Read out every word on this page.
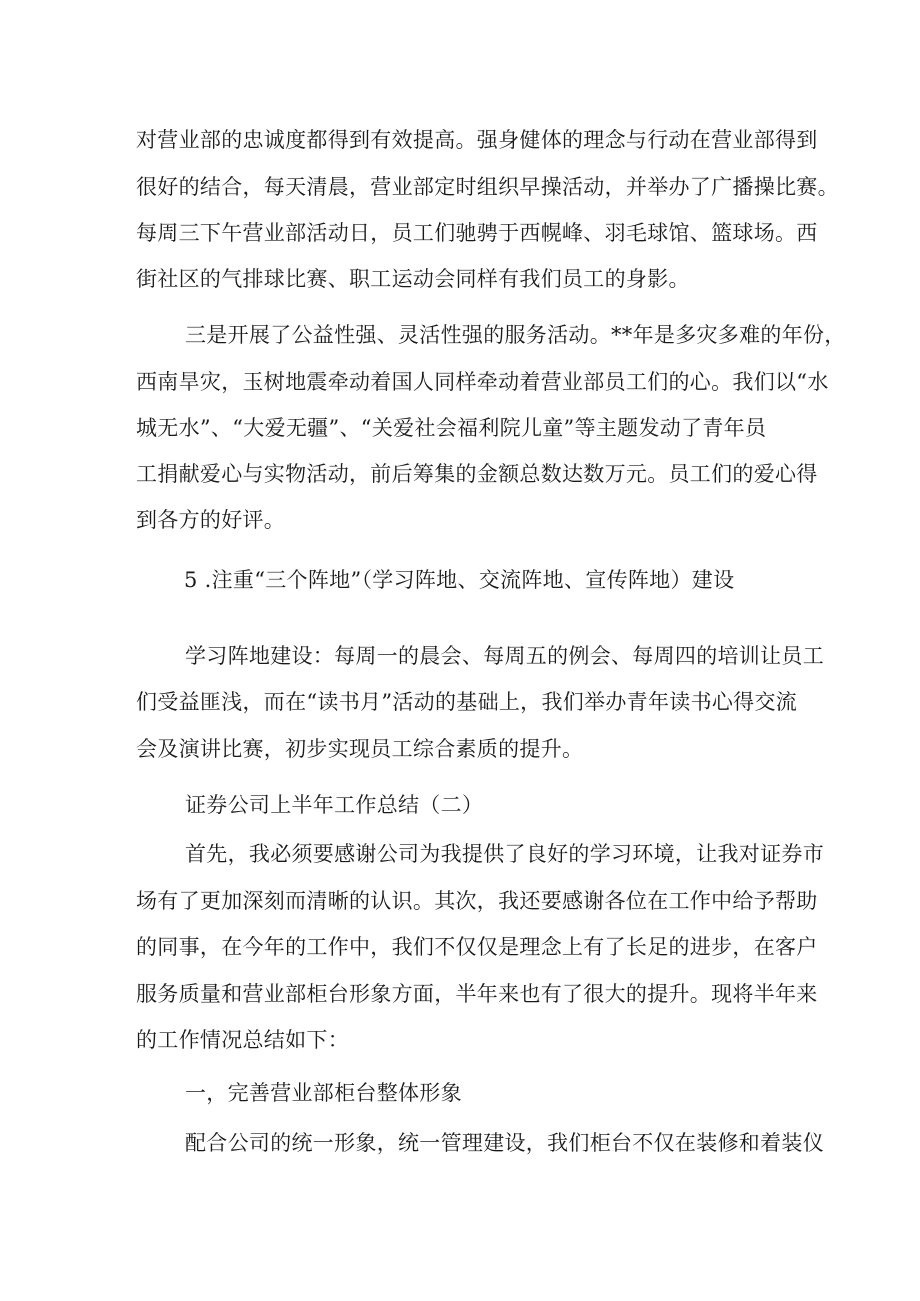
对营业部的忠诚度都得到有效提高。强身健体的理念与行动在营业部得到
很好的结合，每天清晨，营业部定时组织早操活动，并举办了广播操比赛。
每周三下午营业部活动日，员工们驰骋于西幌峰、羽毛球馆、篮球场。西
街社区的气排球比赛、职工运动会同样有我们员工的身影。
三是开展了公益性强、灵活性强的服务活动。**年是多灾多难的年份，
西南旱灾，玉树地震牵动着国人同样牵动着营业部员工们的心。我们以“水
城无水”、“大爱无疆”、“关爱社会福利院儿童”等主题发动了青年员
工捐献爱心与实物活动，前后筹集的金额总数达数万元。员工们的爱心得
到各方的好评。
5 .注重“三个阵地”（学习阵地、交流阵地、宣传阵地）建设
学习阵地建设：每周一的晨会、每周五的例会、每周四的培训让员工
们受益匪浅，而在“读书月”活动的基础上，我们举办青年读书心得交流
会及演讲比赛，初步实现员工综合素质的提升。
证券公司上半年工作总结（二）
首先，我必须要感谢公司为我提供了良好的学习环境，让我对证券市
场有了更加深刻而清晰的认识。其次，我还要感谢各位在工作中给予帮助
的同事，在今年的工作中，我们不仅仅是理念上有了长足的进步，在客户
服务质量和营业部柜台形象方面，半年来也有了很大的提升。现将半年来
的工作情况总结如下：
一，完善营业部柜台整体形象
配合公司的统一形象，统一管理建设，我们柜台不仅在装修和着装仪
